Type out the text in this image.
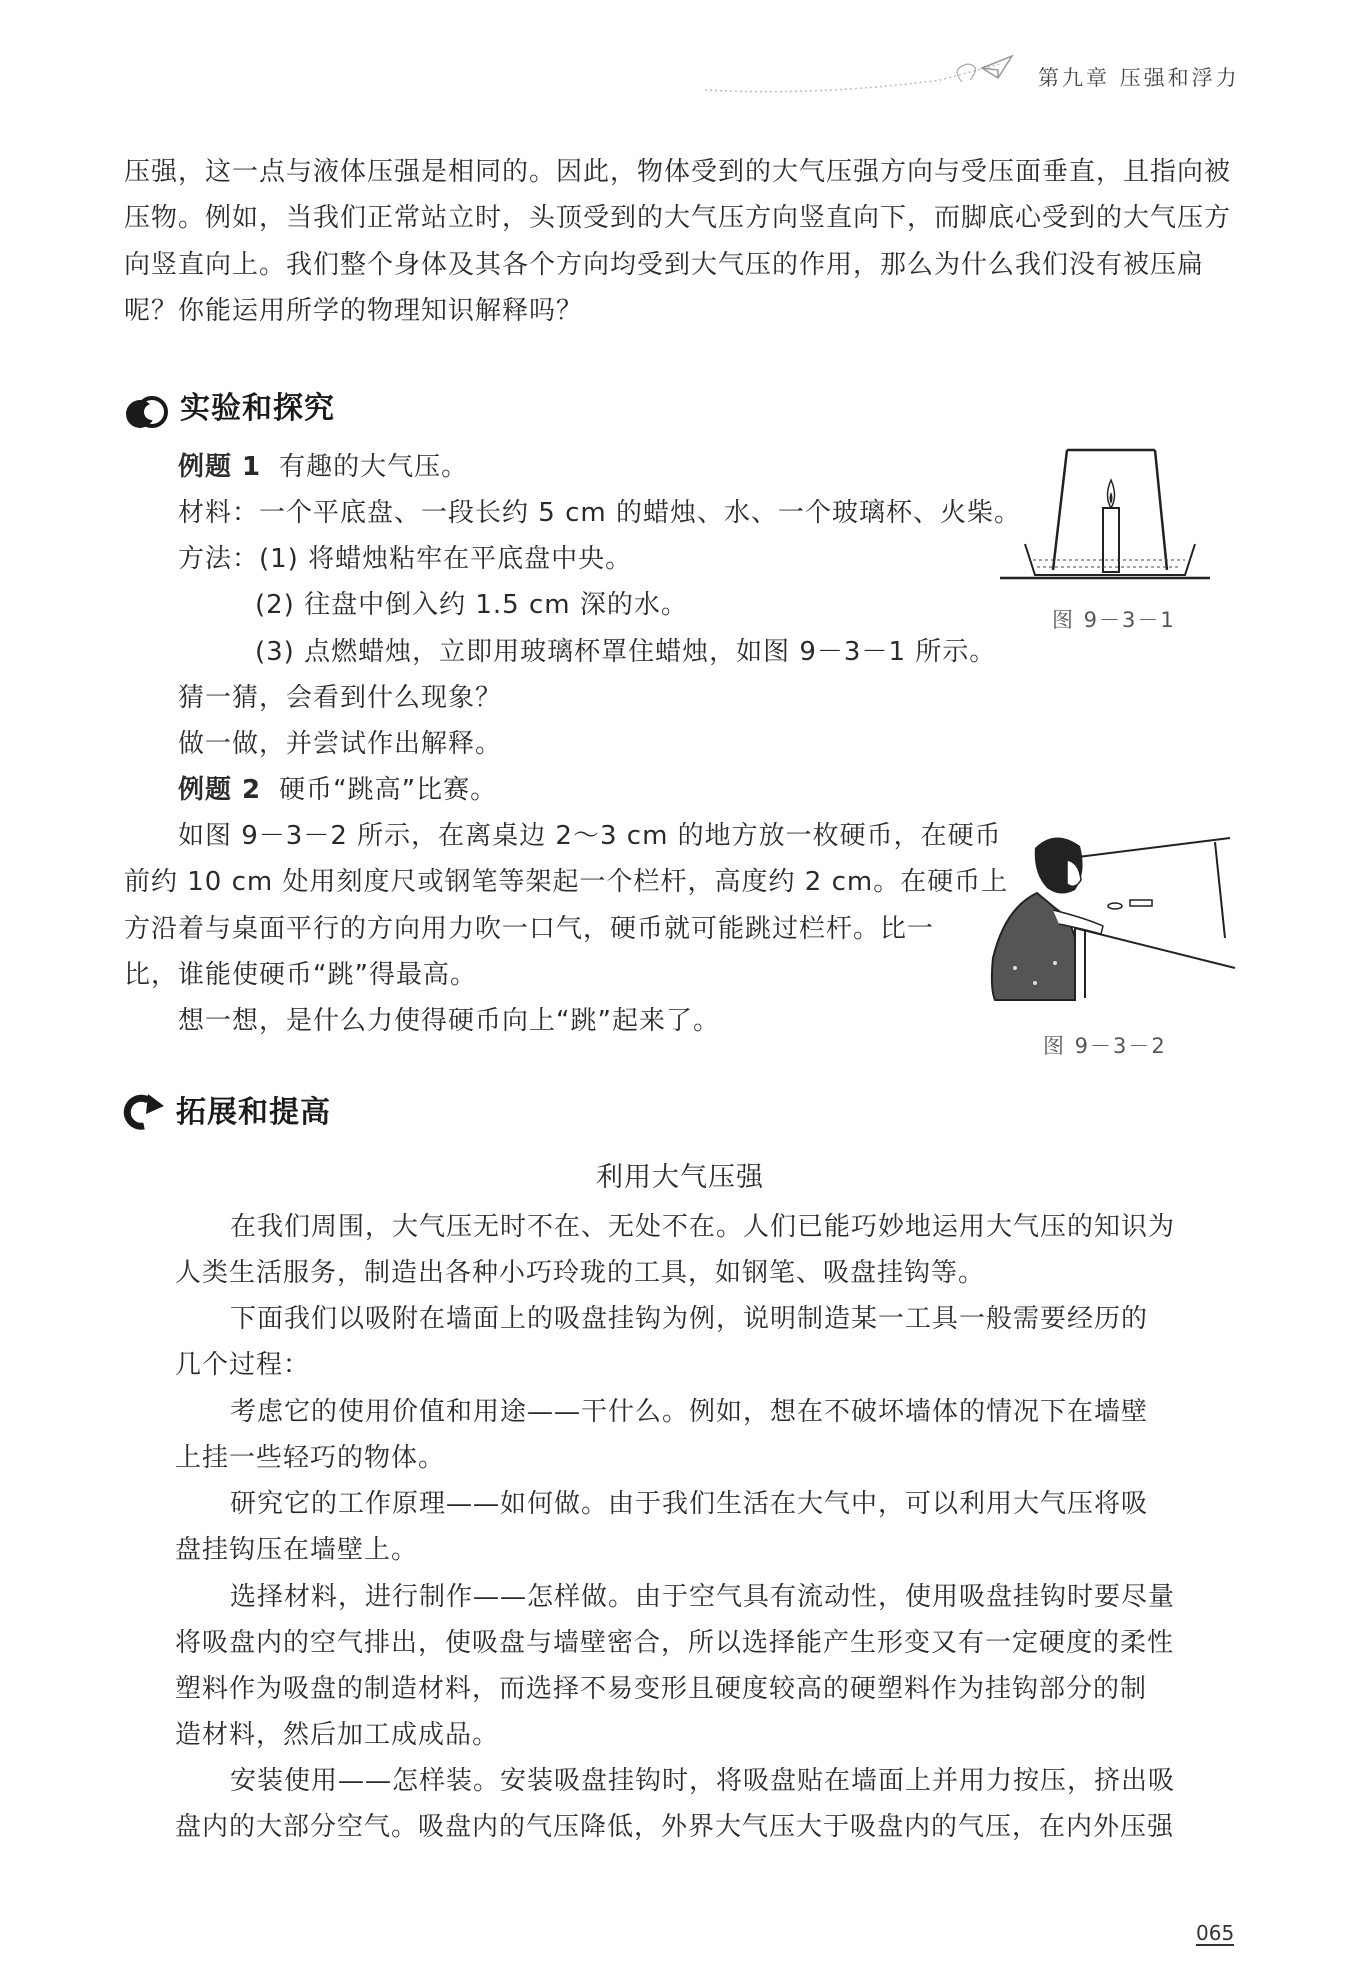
第九章 压强和浮力
压强，这一点与液体压强是相同的。因此，物体受到的大气压强方向与受压面垂直，且指向被
压物。例如，当我们正常站立时，头顶受到的大气压方向竖直向下，而脚底心受到的大气压方
向竖直向上。我们整个身体及其各个方向均受到大气压的作用，那么为什么我们没有被压扁
呢？你能运用所学的物理知识解释吗？
实验和探究
例题 1 有趣的大气压。
材料：一个平底盘、一段长约 5 cm 的蜡烛、水、一个玻璃杯、火柴。
方法：(1) 将蜡烛粘牢在平底盘中央。
(2) 往盘中倒入约 1.5 cm 深的水。
(3) 点燃蜡烛，立即用玻璃杯罩住蜡烛，如图 9－3－1 所示。
猜一猜，会看到什么现象？
做一做，并尝试作出解释。
图 9－3－1
例题 2 硬币“跳高”比赛。
如图 9－3－2 所示，在离桌边 2～3 cm 的地方放一枚硬币，在硬币
前约 10 cm 处用刻度尺或钢笔等架起一个栏杆，高度约 2 cm。在硬币上
方沿着与桌面平行的方向用力吹一口气，硬币就可能跳过栏杆。比一
比，谁能使硬币“跳”得最高。
想一想，是什么力使得硬币向上“跳”起来了。
图 9－3－2
拓展和提高
利用大气压强
在我们周围，大气压无时不在、无处不在。人们已能巧妙地运用大气压的知识为
人类生活服务，制造出各种小巧玲珑的工具，如钢笔、吸盘挂钩等。
下面我们以吸附在墙面上的吸盘挂钩为例，说明制造某一工具一般需要经历的
几个过程：
考虑它的使用价值和用途——干什么。例如，想在不破坏墙体的情况下在墙壁
上挂一些轻巧的物体。
研究它的工作原理——如何做。由于我们生活在大气中，可以利用大气压将吸
盘挂钩压在墙壁上。
选择材料，进行制作——怎样做。由于空气具有流动性，使用吸盘挂钩时要尽量
将吸盘内的空气排出，使吸盘与墙壁密合，所以选择能产生形变又有一定硬度的柔性
塑料作为吸盘的制造材料，而选择不易变形且硬度较高的硬塑料作为挂钩部分的制
造材料，然后加工成成品。
安装使用——怎样装。安装吸盘挂钩时，将吸盘贴在墙面上并用力按压，挤出吸
盘内的大部分空气。吸盘内的气压降低，外界大气压大于吸盘内的气压，在内外压强
065
